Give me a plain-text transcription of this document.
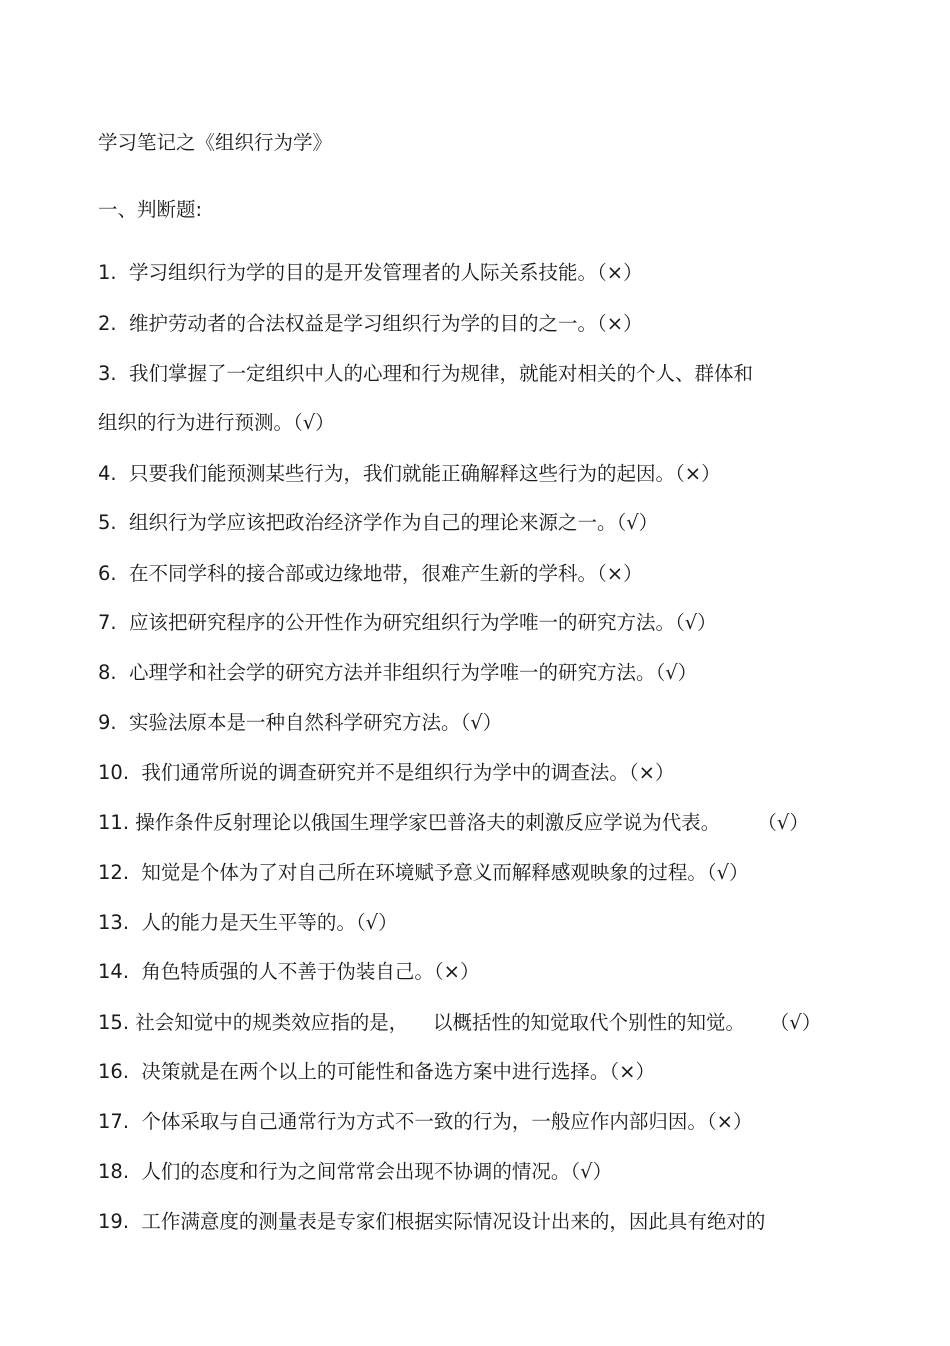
学习笔记之《组织行为学》
一、判断题:
1.  学习组织行为学的目的是开发管理者的人际关系技能。（×）
2.  维护劳动者的合法权益是学习组织行为学的目的之一。（×）
3.  我们掌握了一定组织中人的心理和行为规律，就能对相关的个人、群体和
组织的行为进行预测。（√）
4.  只要我们能预测某些行为，我们就能正确解释这些行为的起因。（×）
5.  组织行为学应该把政治经济学作为自己的理论来源之一。（√）
6.  在不同学科的接合部或边缘地带，很难产生新的学科。（×）
7.  应该把研究程序的公开性作为研究组织行为学唯一的研究方法。（√）
8.  心理学和社会学的研究方法并非组织行为学唯一的研究方法。（√）
9.  实验法原本是一种自然科学研究方法。（√）
10.  我们通常所说的调查研究并不是组织行为学中的调查法。（×）
11. 操作条件反射理论以俄国生理学家巴普洛夫的刺激反应学说为代表。      （√）
12.  知觉是个体为了对自己所在环境赋予意义而解释感观映象的过程。（√）
13.  人的能力是天生平等的。（√）
14.  角色特质强的人不善于伪装自己。（×）
15. 社会知觉中的规类效应指的是，    以概括性的知觉取代个别性的知觉。    （√）
16.  决策就是在两个以上的可能性和备选方案中进行选择。（×）
17.  个体采取与自己通常行为方式不一致的行为，一般应作内部归因。（×）
18.  人们的态度和行为之间常常会出现不协调的情况。（√）
19.  工作满意度的测量表是专家们根据实际情况设计出来的，因此具有绝对的
